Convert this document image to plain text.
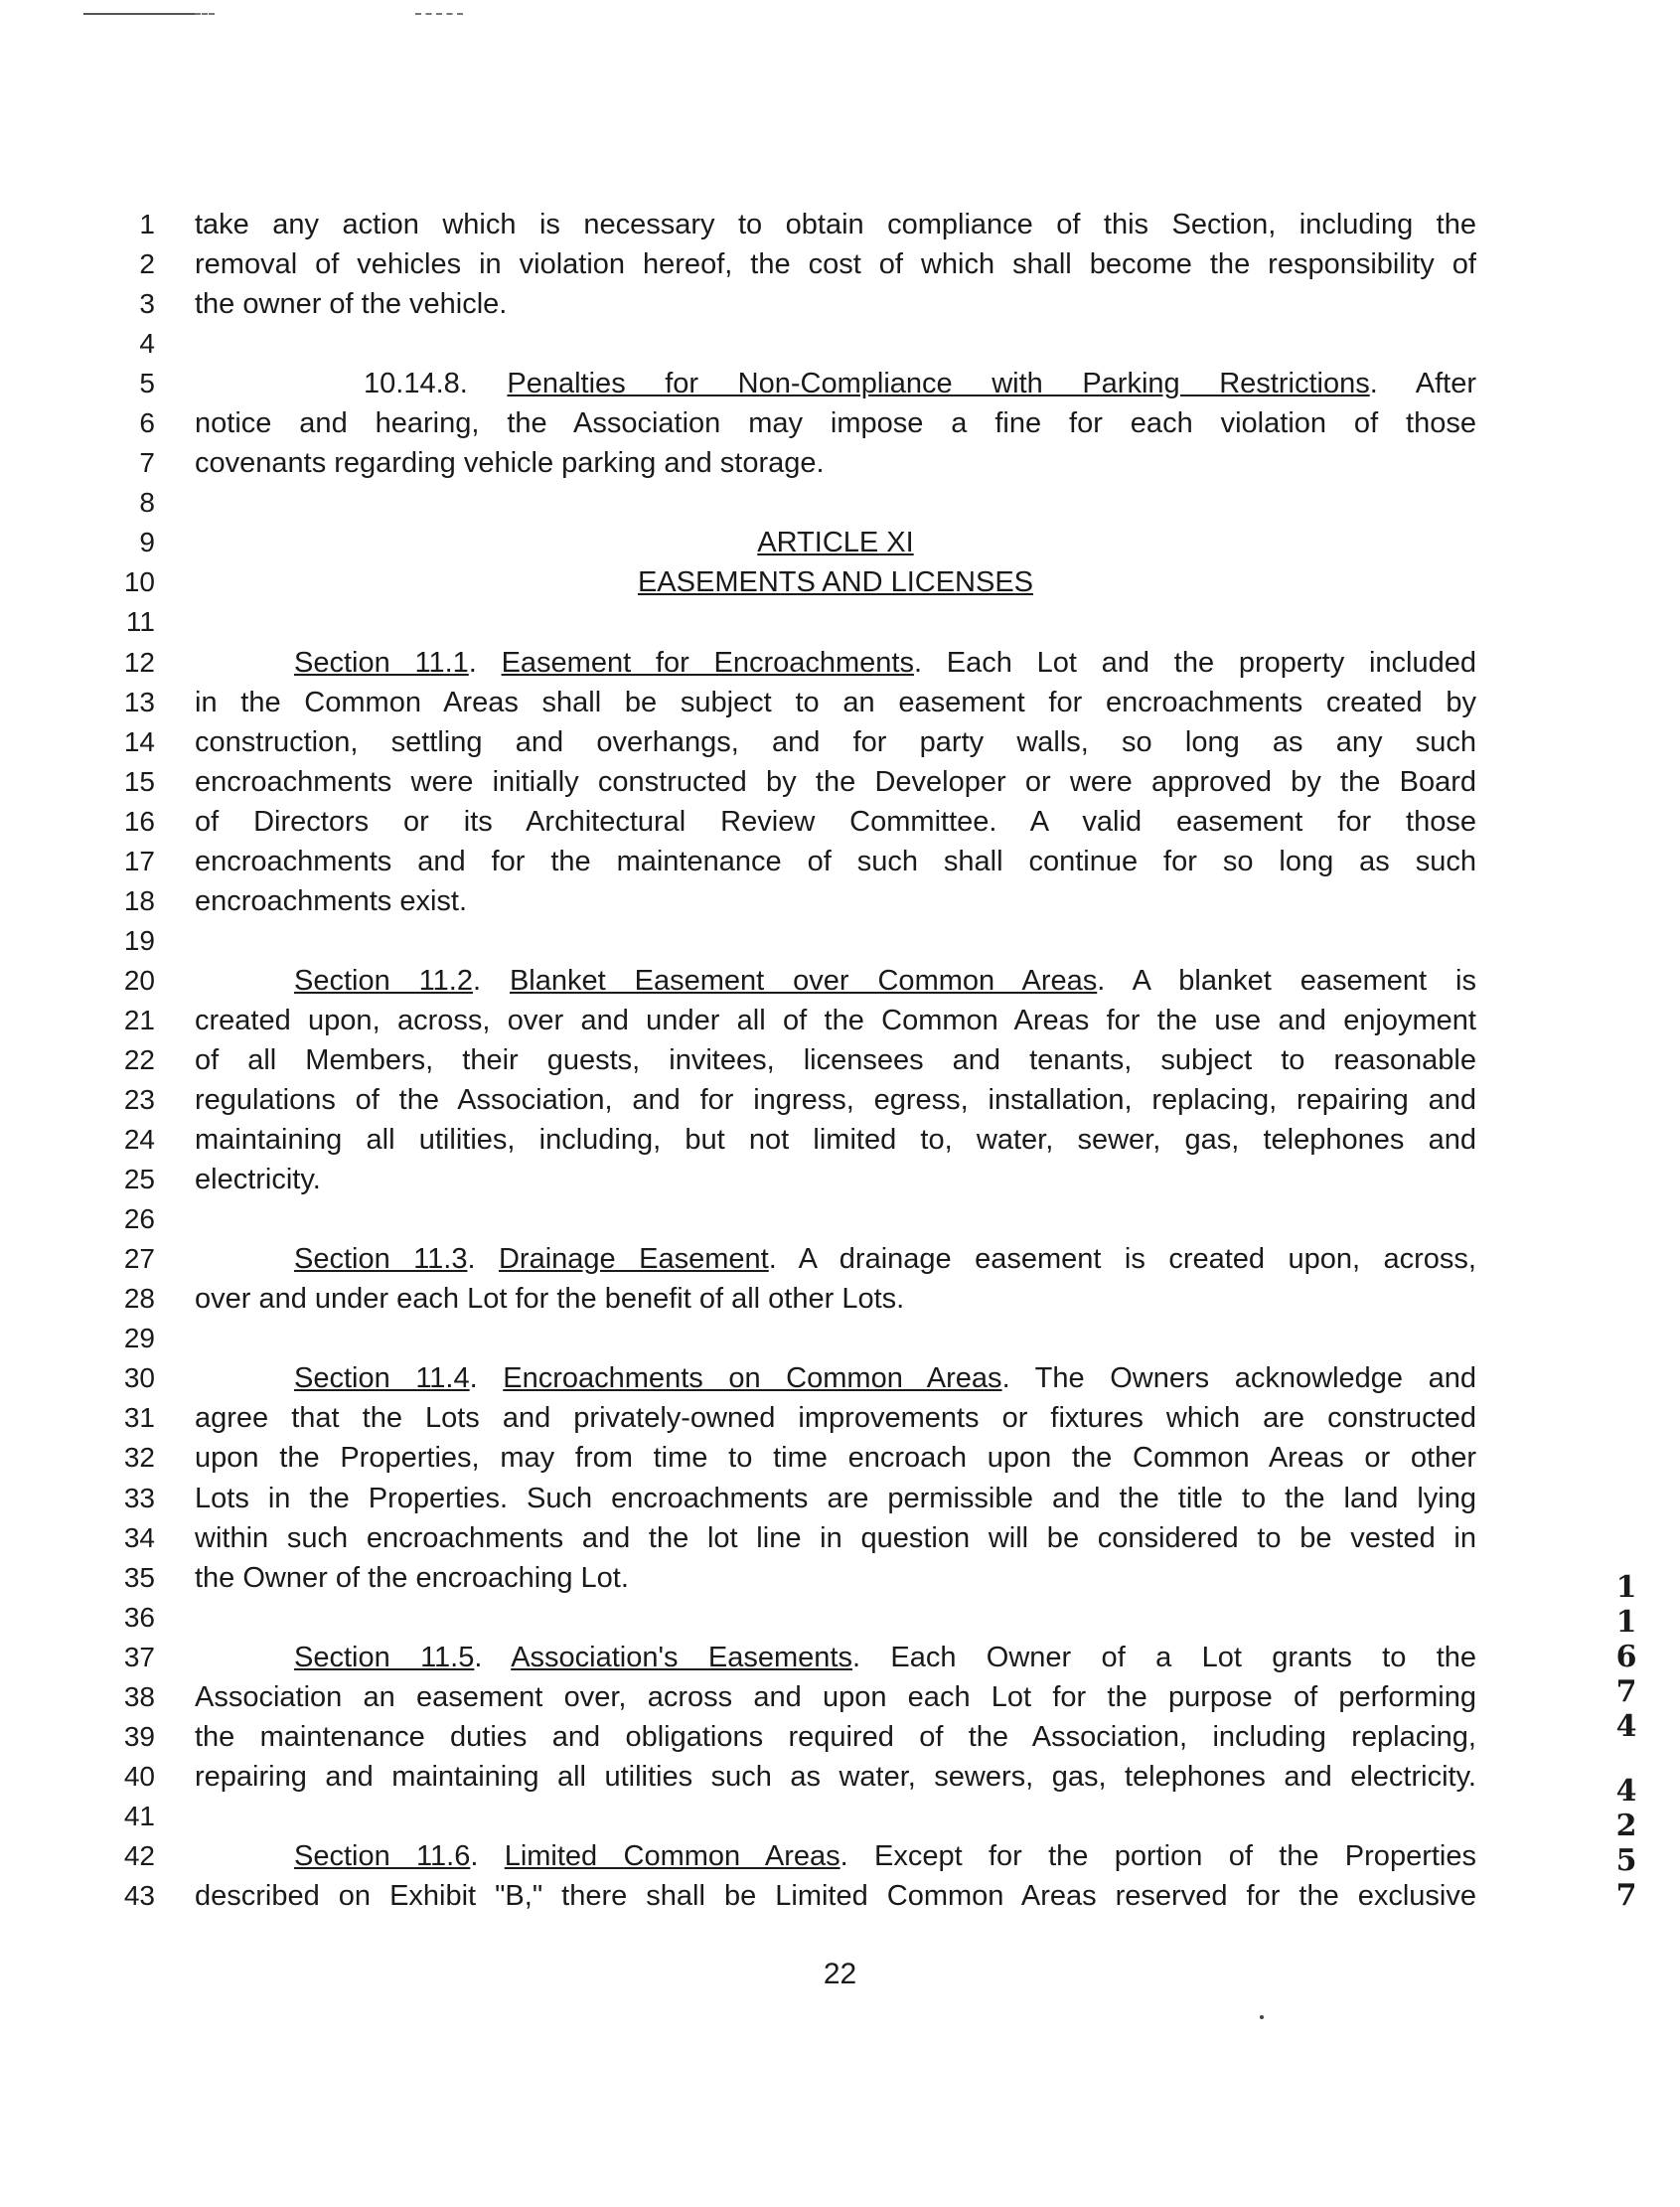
1
2
3
4
5
6
7
8
9
10
11
12
13
14
15
16
17
18
19
20
21
22
23
24
25
26
27
28
29
30
31
32
33
34
35
36
37
38
39
40
41
42
43
take any action which is necessary to obtain compliance of this Section, including the
removal of vehicles in violation hereof, the cost of which shall become the responsibility of
the owner of the vehicle.
10.14.8. Penalties for Non-Compliance with Parking Restrictions. After
notice and hearing, the Association may impose a fine for each violation of those
covenants regarding vehicle parking and storage.
ARTICLE XI
EASEMENTS AND LICENSES
Section 11.1. Easement for Encroachments. Each Lot and the property included
in the Common Areas shall be subject to an easement for encroachments created by
construction, settling and overhangs, and for party walls, so long as any such
encroachments were initially constructed by the Developer or were approved by the Board
of Directors or its Architectural Review Committee. A valid easement for those
encroachments and for the maintenance of such shall continue for so long as such
encroachments exist.
Section 11.2. Blanket Easement over Common Areas. A blanket easement is
created upon, across, over and under all of the Common Areas for the use and enjoyment
of all Members, their guests, invitees, licensees and tenants, subject to reasonable
regulations of the Association, and for ingress, egress, installation, replacing, repairing and
maintaining all utilities, including, but not limited to, water, sewer, gas, telephones and
electricity.
Section 11.3. Drainage Easement. A drainage easement is created upon, across,
over and under each Lot for the benefit of all other Lots.
Section 11.4. Encroachments on Common Areas. The Owners acknowledge and
agree that the Lots and privately-owned improvements or fixtures which are constructed
upon the Properties, may from time to time encroach upon the Common Areas or other
Lots in the Properties. Such encroachments are permissible and the title to the land lying
within such encroachments and the lot line in question will be considered to be vested in
the Owner of the encroaching Lot.
Section 11.5. Association's Easements. Each Owner of a Lot grants to the
Association an easement over, across and upon each Lot for the purpose of performing
the maintenance duties and obligations required of the Association, including replacing,
repairing and maintaining all utilities such as water, sewers, gas, telephones and electricity.
Section 11.6. Limited Common Areas. Except for the portion of the Properties
described on Exhibit "B," there shall be Limited Common Areas reserved for the exclusive
22
1
1
6
7
4
4
2
5
7
